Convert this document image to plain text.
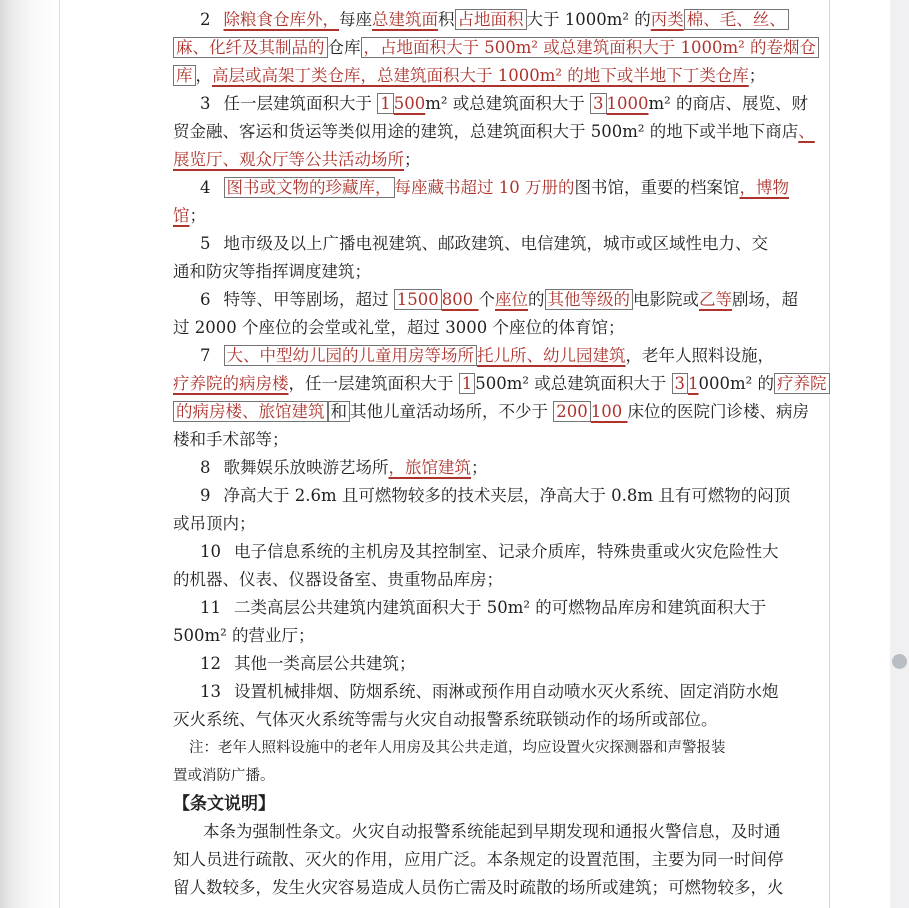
2 除粮食仓库外，每座总建筑面积 占地面积 大于 1000m² 的丙类 棉、毛、丝、
麻、化纤及其制品的 仓库 ，占地面积大于 500m² 或总建筑面积大于 1000m² 的卷烟仓
库 ，高层或高架丁类仓库，总建筑面积大于 1000m² 的地下或半地下丁类仓库；
3 任一层建筑面积大于 1 500m² 或总建筑面积大于 3 1000m² 的商店、展览、财
贸金融、客运和货运等类似用途的建筑，总建筑面积大于 500m² 的地下或半地下商店、
展览厅、观众厅等公共活动场所；
4 图书或文物的珍藏库， 每座藏书超过 10 万册的图书馆，重要的档案馆，博物
馆；
5 地市级及以上广播电视建筑、邮政建筑、电信建筑，城市或区域性电力、交
通和防灾等指挥调度建筑；
6 特等、甲等剧场，超过 1500 800 个座位的 其他等级的 电影院或乙等剧场，超
过 2000 个座位的会堂或礼堂，超过 3000 个座位的体育馆；
7 大、中型幼儿园的儿童用房等场所 托儿所、幼儿园建筑，老年人照料设施，
疗养院的病房楼，任一层建筑面积大于 1 500m² 或总建筑面积大于 3 1000m² 的 疗养院
的病房楼、旅馆建筑 和 其他儿童活动场所，不少于 200 100 床位的医院门诊楼、病房
楼和手术部等；
8 歌舞娱乐放映游艺场所，旅馆建筑；
9 净高大于 2.6m 且可燃物较多的技术夹层，净高大于 0.8m 且有可燃物的闷顶
或吊顶内；
10 电子信息系统的主机房及其控制室、记录介质库，特殊贵重或火灾危险性大
的机器、仪表、仪器设备室、贵重物品库房；
11 二类高层公共建筑内建筑面积大于 50m² 的可燃物品库房和建筑面积大于
500m² 的营业厅；
12 其他一类高层公共建筑；
13 设置机械排烟、防烟系统、雨淋或预作用自动喷水灭火系统、固定消防水炮
灭火系统、气体灭火系统等需与火灾自动报警系统联锁动作的场所或部位。
注：老年人照料设施中的老年人用房及其公共走道，均应设置火灾探测器和声警报装
置或消防广播。
【条文说明】
本条为强制性条文。火灾自动报警系统能起到早期发现和通报火警信息，及时通
知人员进行疏散、灭火的作用，应用广泛。本条规定的设置范围，主要为同一时间停
留人数较多，发生火灾容易造成人员伤亡需及时疏散的场所或建筑；可燃物较多，火
